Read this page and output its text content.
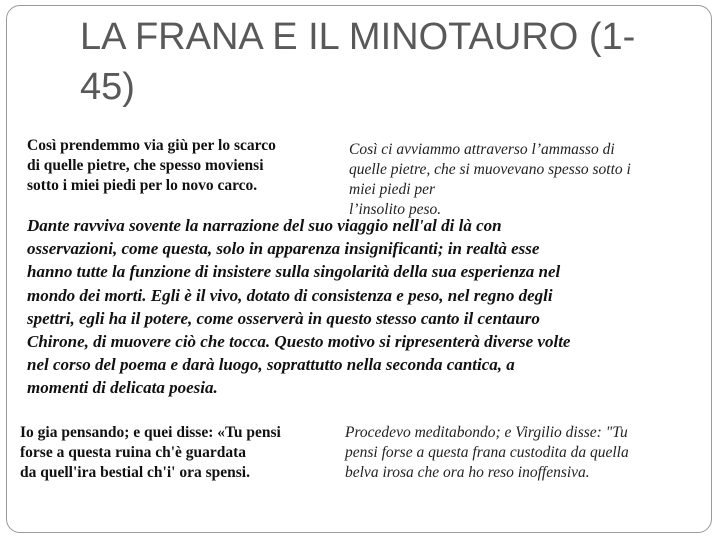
LA FRANA E IL MINOTAURO (1-45)
Così prendemmo via giù per lo scarco
di quelle pietre, che spesso moviensi
sotto i miei piedi per lo novo carco.
Così ci avviammo attraverso l’ammasso di
quelle pietre, che si muovevano spesso sotto i
miei piedi per
l’insolito peso.
Dante ravviva sovente la narrazione del suo viaggio nell'al di là con
osservazioni, come questa, solo in apparenza insignificanti; in realtà esse
hanno tutte la funzione di insistere sulla singolarità della sua esperienza nel
mondo dei morti. Egli è il vivo, dotato di consistenza e peso, nel regno degli
spettri, egli ha il potere, come osserverà in questo stesso canto il centauro
Chirone, di muovere ciò che tocca. Questo motivo si ripresenterà diverse volte
nel corso del poema e darà luogo, soprattutto nella seconda cantica, a
momenti di delicata poesia.
Io gia pensando; e quei disse: «Tu pensi
forse a questa ruina ch'è guardata
da quell'ira bestial ch'i' ora spensi.
Procedevo meditabondo; e Virgilio disse: "Tu
pensi forse a questa frana custodita da quella
belva irosa che ora ho reso inoffensiva.
